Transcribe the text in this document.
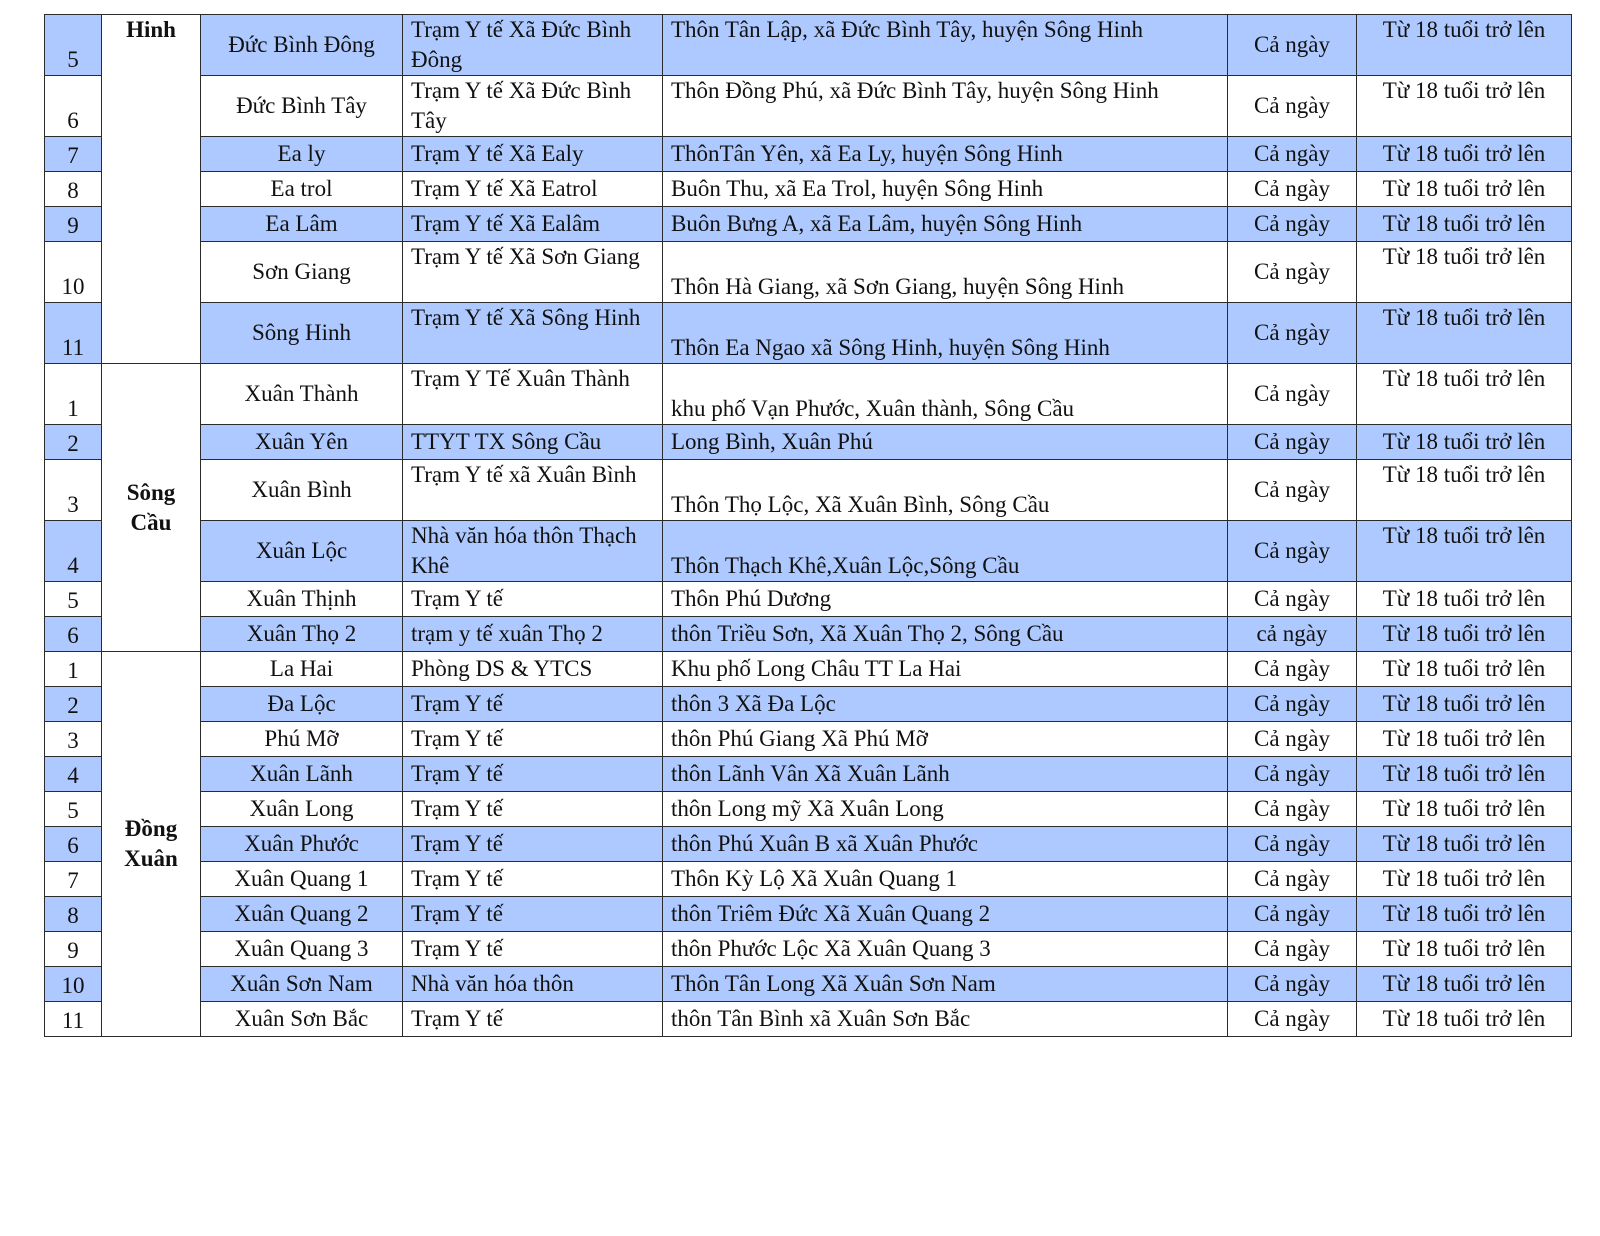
5	Hinh	Đức Bình Đông	Trạm Y tế Xã Đức Bình Đông	Thôn Tân Lập, xã Đức Bình Tây, huyện Sông Hinh	Cả ngày	Từ 18 tuổi trở lên
6		Đức Bình Tây	Trạm Y tế Xã Đức Bình Tây	Thôn Đồng Phú, xã Đức Bình Tây, huyện Sông Hinh	Cả ngày	Từ 18 tuổi trở lên
7		Ea ly	Trạm Y tế Xã Ealy	ThônTân Yên, xã Ea Ly, huyện Sông Hinh	Cả ngày	Từ 18 tuổi trở lên
8		Ea trol	Trạm Y tế Xã Eatrol	Buôn Thu, xã Ea Trol, huyện Sông Hinh	Cả ngày	Từ 18 tuổi trở lên
9		Ea Lâm	Trạm Y tế Xã Ealâm	Buôn Bưng A, xã Ea Lâm, huyện Sông Hinh	Cả ngày	Từ 18 tuổi trở lên
10		Sơn Giang	Trạm Y tế Xã Sơn Giang	Thôn Hà Giang, xã Sơn Giang, huyện Sông Hinh	Cả ngày	Từ 18 tuổi trở lên
11		Sông Hinh	Trạm Y tế Xã Sông Hinh	Thôn Ea Ngao xã Sông Hinh, huyện Sông Hinh	Cả ngày	Từ 18 tuổi trở lên
1	Sông Cầu	Xuân Thành	Trạm Y Tế Xuân Thành	khu phố Vạn Phước, Xuân thành, Sông Cầu	Cả ngày	Từ 18 tuổi trở lên
2		Xuân Yên	TTYT TX Sông Cầu	Long Bình, Xuân Phú	Cả ngày	Từ 18 tuổi trở lên
3		Xuân Bình	Trạm Y tế xã Xuân Bình	Thôn Thọ Lộc, Xã Xuân Bình, Sông Cầu	Cả ngày	Từ 18 tuổi trở lên
4		Xuân Lộc	Nhà văn hóa thôn Thạch Khê	Thôn Thạch Khê,Xuân Lộc,Sông Cầu	Cả ngày	Từ 18 tuổi trở lên
5		Xuân Thịnh	Trạm Y tế	Thôn Phú Dương	Cả ngày	Từ 18 tuổi trở lên
6		Xuân Thọ 2	trạm y tế xuân Thọ 2	thôn Triều Sơn, Xã Xuân Thọ 2, Sông Cầu	cả ngày	Từ 18 tuổi trở lên
1	Đồng Xuân	La Hai	Phòng DS & YTCS	Khu phố Long Châu TT La Hai	Cả ngày	Từ 18 tuổi trở lên
2		Đa Lộc	Trạm Y tế	thôn 3 Xã Đa Lộc	Cả ngày	Từ 18 tuổi trở lên
3		Phú Mỡ	Trạm Y tế	thôn Phú Giang Xã Phú Mỡ	Cả ngày	Từ 18 tuổi trở lên
4		Xuân Lãnh	Trạm Y tế	thôn Lãnh Vân Xã Xuân Lãnh	Cả ngày	Từ 18 tuổi trở lên
5		Xuân Long	Trạm Y tế	thôn Long mỹ Xã Xuân Long	Cả ngày	Từ 18 tuổi trở lên
6		Xuân Phước	Trạm Y tế	thôn Phú Xuân B xã Xuân Phước	Cả ngày	Từ 18 tuổi trở lên
7		Xuân Quang 1	Trạm Y tế	Thôn Kỳ Lộ Xã Xuân Quang 1	Cả ngày	Từ 18 tuổi trở lên
8		Xuân Quang 2	Trạm Y tế	thôn Triêm Đức Xã Xuân Quang 2	Cả ngày	Từ 18 tuổi trở lên
9		Xuân Quang 3	Trạm Y tế	thôn Phước Lộc Xã Xuân Quang 3	Cả ngày	Từ 18 tuổi trở lên
10		Xuân Sơn Nam	Nhà văn hóa thôn	Thôn Tân Long Xã Xuân Sơn Nam	Cả ngày	Từ 18 tuổi trở lên
11		Xuân Sơn Bắc	Trạm Y tế	thôn Tân Bình xã Xuân Sơn Bắc	Cả ngày	Từ 18 tuổi trở lên
